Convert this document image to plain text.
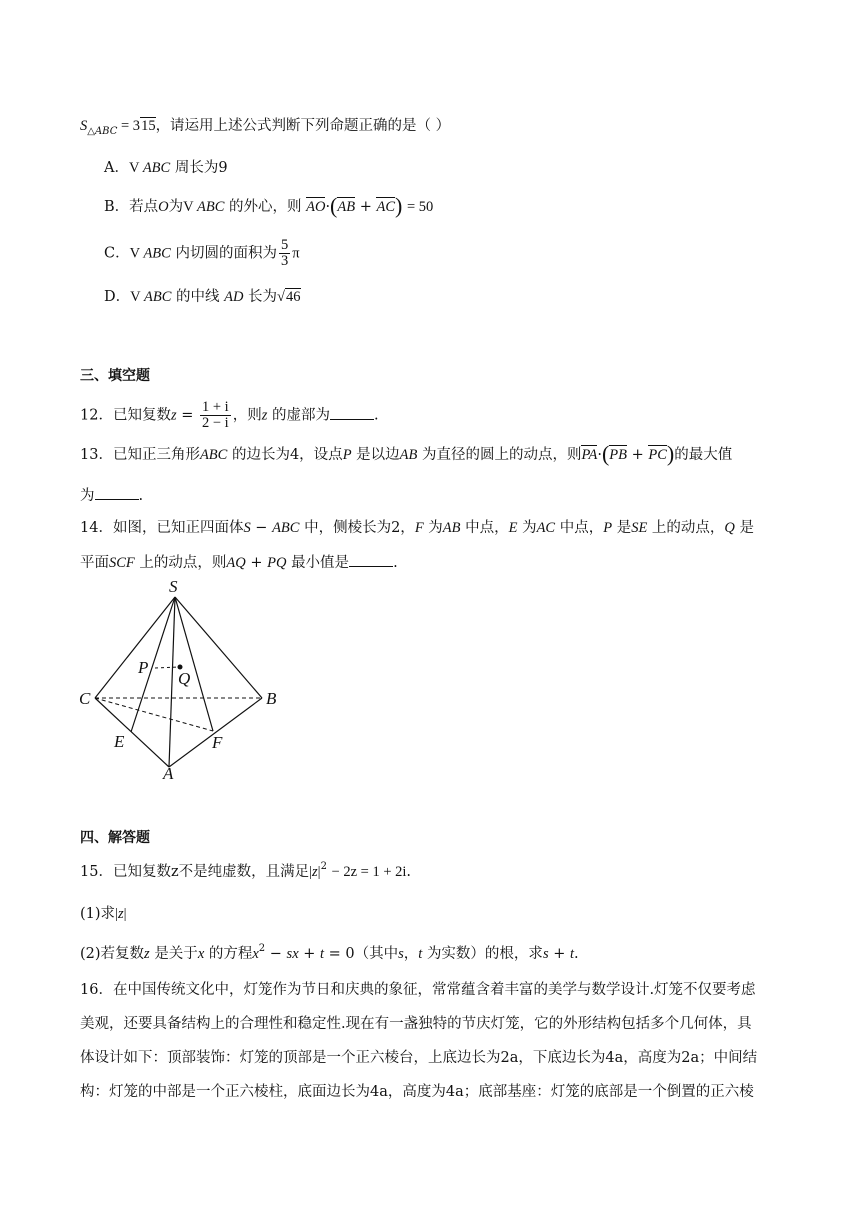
$S_{\triangle ABC} = 315$，请运用上述公式判断下列命题正确的是（ ）
A．V ABC 周长为9
B．若点O为V ABC 的外心，则 AO·(AB + AC) = 50
C．V ABC 内切圆的面积为 $\frac{5}{3}$ π
D．V ABC 的中线 AD 长为√46
三、填空题
12．已知复数$z = \frac{1 + i}{2 - i}$ ，则z 的虚部为	.
13．已知正三角形ABC 的边长为4，设点P 是以边AB 为直径的圆上的动点，则PA·(PB + PC)的最大值
为	.
14．如图，已知正四面体S − ABC 中，侧棱长为2，F 为AB 中点，E 为AC 中点，P 是SE 上的动点，Q 是
平面SCF 上的动点，则AQ + PQ 最小值是	.
S
P
Q
C	B
E	F
A
四、解答题
15．已知复数z不是纯虚数，且满足$|z|^2 - 2z = 1 + 2i$.
(1)求|z|
(2)若复数z 是关于x 的方程$x^2$ − sx + t = 0（其中s，t 为实数）的根，求s + t.
16．在中国传统文化中，灯笼作为节日和庆典的象征，常常蕴含着丰富的美学与数学设计.灯笼不仅要考虑
美观，还要具备结构上的合理性和稳定性.现在有一盏独特的节庆灯笼，它的外形结构包括多个几何体，具
体设计如下：顶部装饰：灯笼的顶部是一个正六棱台，上底边长为2a，下底边长为4a，高度为2a；中间结
构：灯笼的中部是一个正六棱柱，底面边长为4a，高度为4a；底部基座：灯笼的底部是一个倒置的正六棱
